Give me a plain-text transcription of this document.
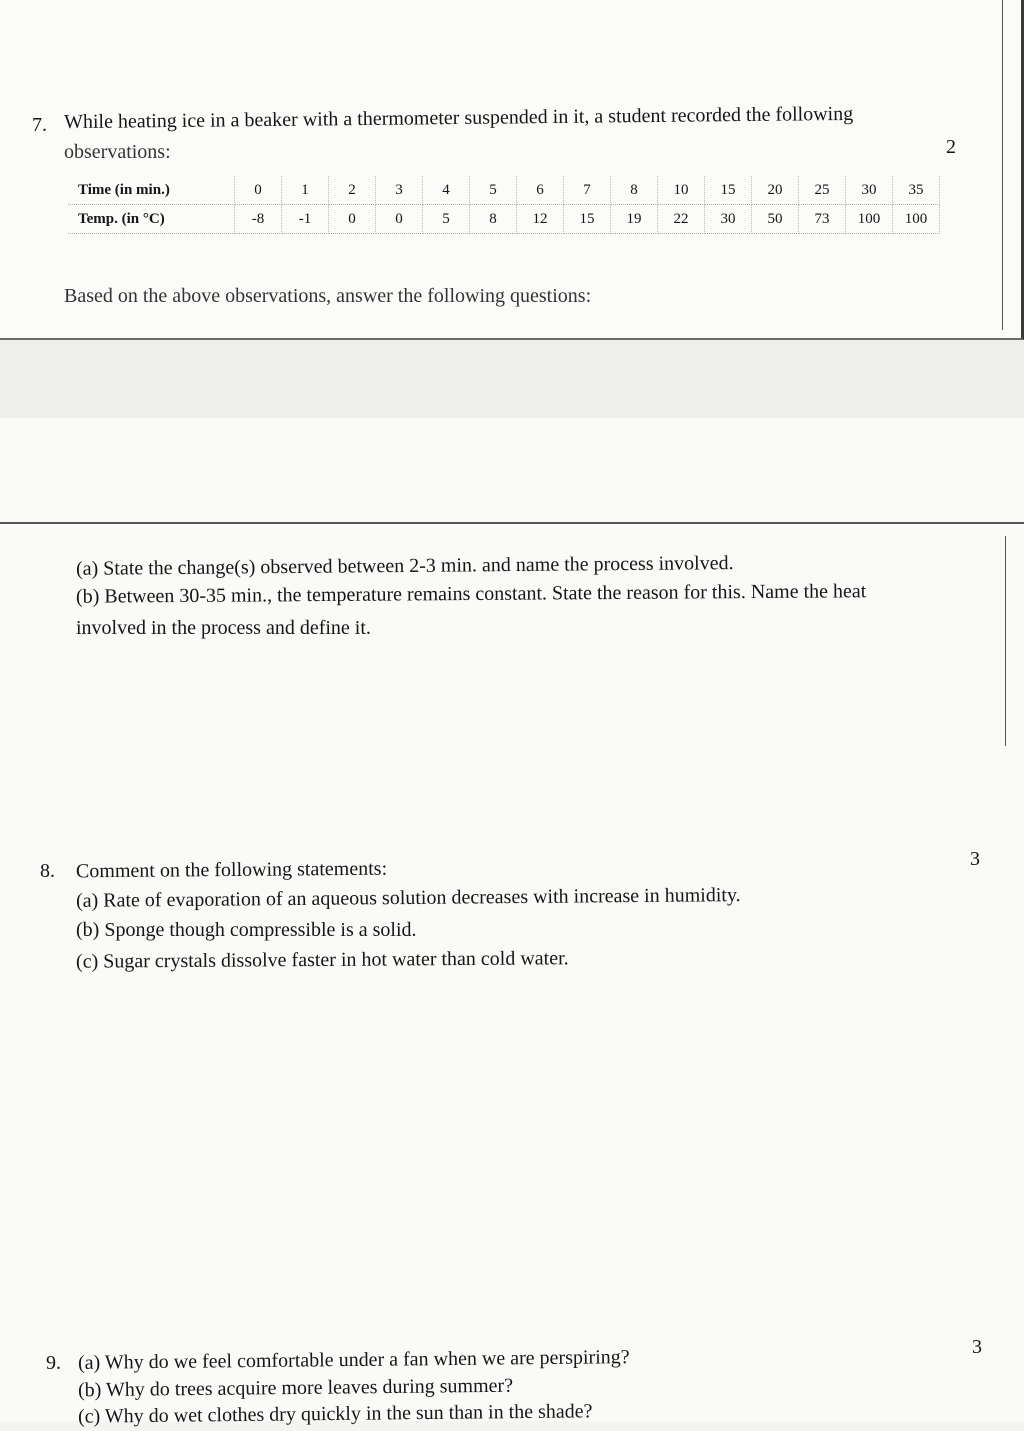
7. While heating ice in a beaker with a thermometer suspended in it, a student recorded the following
observations:	2
Time (in min.)	0	1	2	3	4	5	6	7	8	10	15	20	25	30	35
Temp. (in °C)	-8	-1	0	0	5	8	12	15	19	22	30	50	73	100	100
Based on the above observations, answer the following questions:
(a) State the change(s) observed between 2-3 min. and name the process involved.
(b) Between 30-35 min., the temperature remains constant. State the reason for this. Name the heat
involved in the process and define it.
8. Comment on the following statements:	3
(a) Rate of evaporation of an aqueous solution decreases with increase in humidity.
(b) Sponge though compressible is a solid.
(c) Sugar crystals dissolve faster in hot water than cold water.
9. (a) Why do we feel comfortable under a fan when we are perspiring?	3
(b) Why do trees acquire more leaves during summer?
(c) Why do wet clothes dry quickly in the sun than in the shade?
